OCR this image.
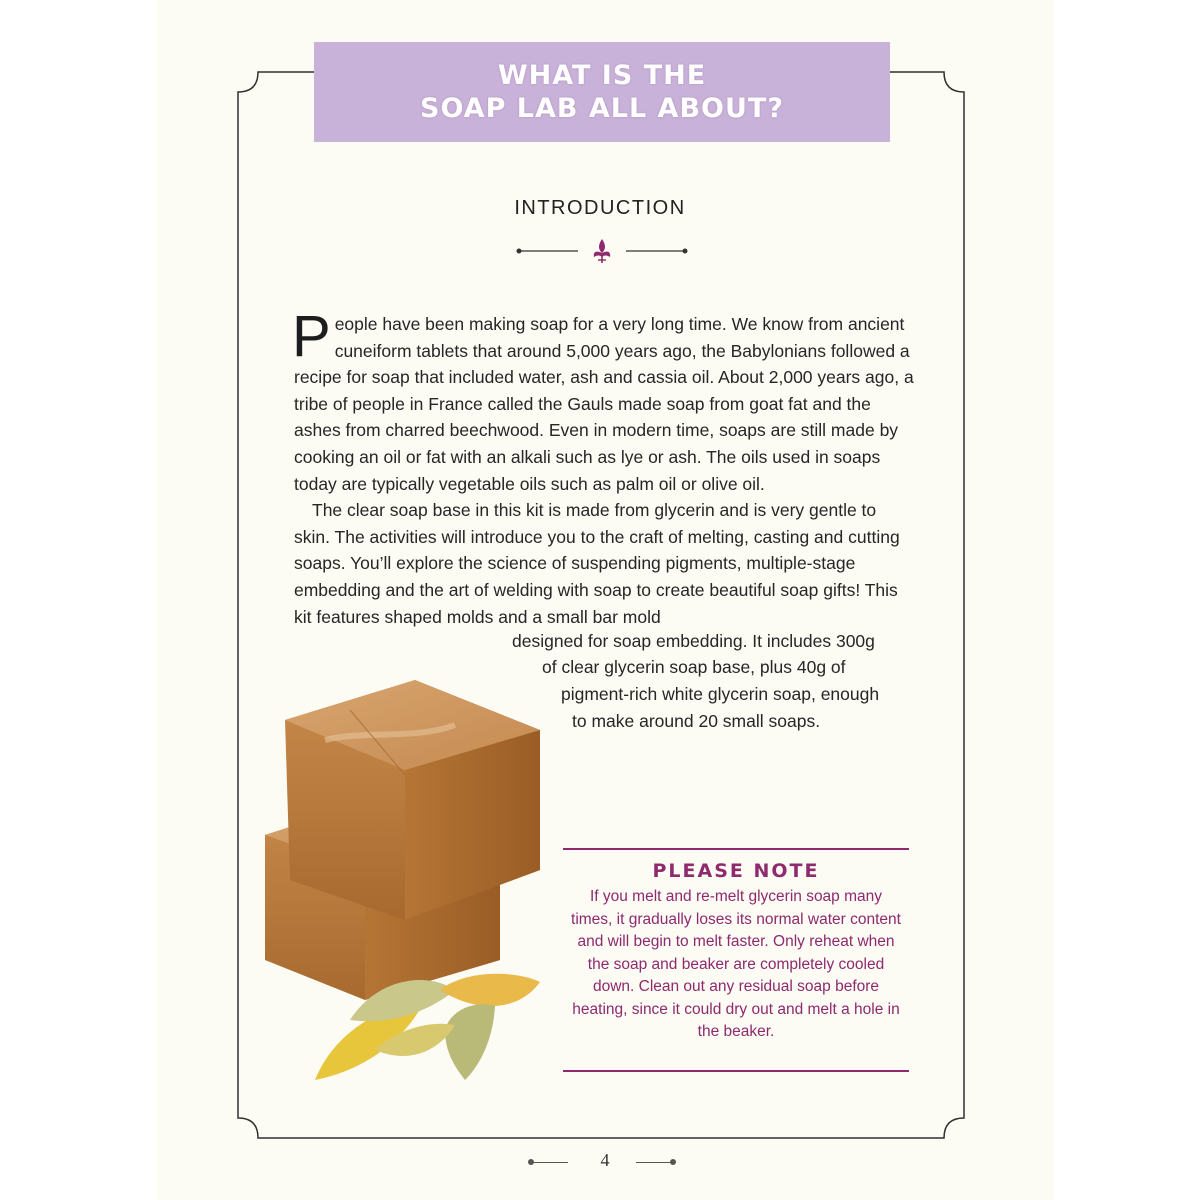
WHAT IS THE
SOAP LAB ALL ABOUT?
INTRODUCTION

People have been making soap for a very long time. We know from ancient cuneiform tablets that around 5,000 years ago, the Babylonians followed a recipe for soap that included water, ash and cassia oil. About 2,000 years ago, a tribe of people in France called the Gauls made soap from goat fat and the ashes from charred beechwood. Even in modern time, soaps are still made by cooking an oil or fat with an alkali such as lye or ash. The oils used in soaps today are typically vegetable oils such as palm oil or olive oil.

The clear soap base in this kit is made from glycerin and is very gentle to skin. The activities will introduce you to the craft of melting, casting and cutting soaps. You’ll explore the science of suspending pigments, multiple-stage embedding and the art of welding with soap to create beautiful soap gifts! This kit features shaped molds and a small bar mold

designed for soap embedding. It includes 300g
of clear glycerin soap base, plus 40g of
pigment-rich white glycerin soap, enough
to make around 20 small soaps.
PLEASE NOTE
If you melt and re-melt glycerin soap many times, it gradually loses its normal water content and will begin to melt faster. Only reheat when the soap and beaker are completely cooled down. Clean out any residual soap before heating, since it could dry out and melt a hole in the beaker.
4
